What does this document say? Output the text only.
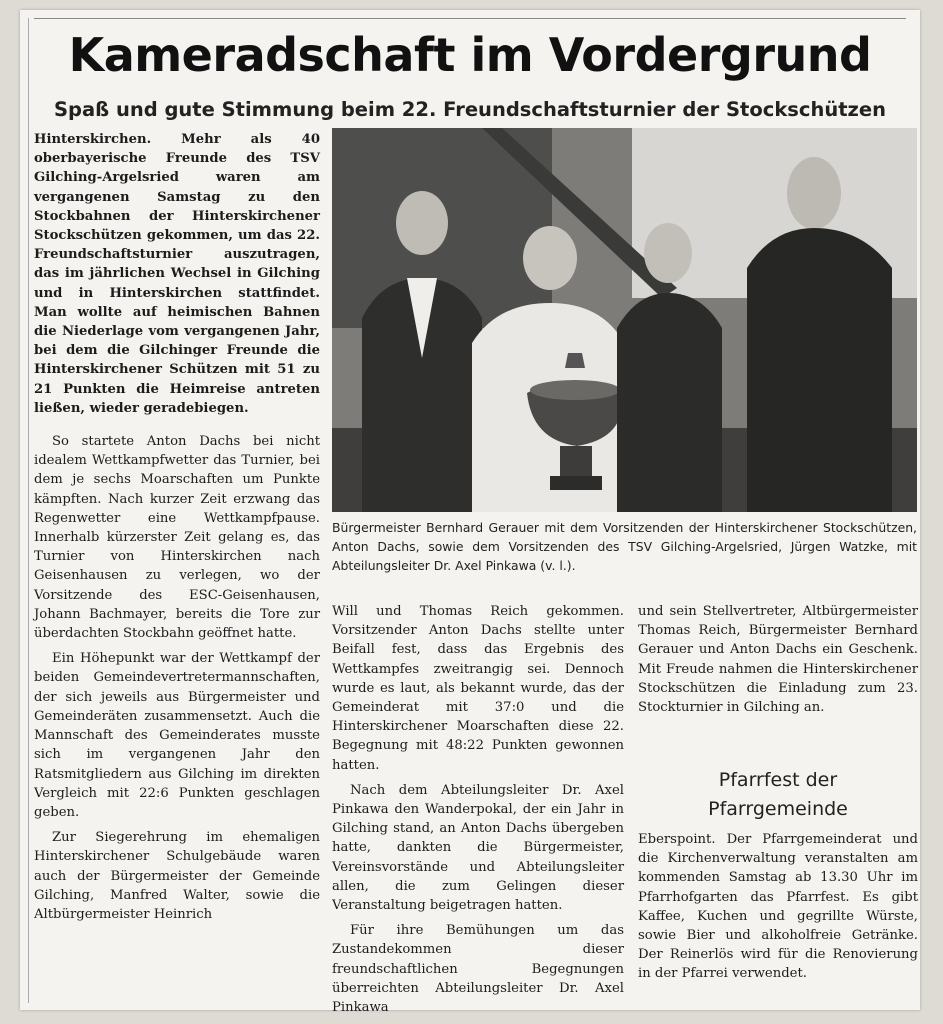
Kameradschaft im Vordergrund
Spaß und gute Stimmung beim 22. Freundschaftsturnier der Stockschützen

Hinterskirchen. Mehr als 40 oberbayerische Freunde des TSV Gilching-Argelsried waren am vergangenen Samstag zu den Stockbahnen der Hinterskirchener Stockschützen gekommen, um das 22. Freundschaftsturnier auszutragen, das im jährlichen Wechsel in Gilching und in Hinterskirchen stattfindet. Man wollte auf heimischen Bahnen die Niederlage vom vergangenen Jahr, bei dem die Gilchinger Freunde die Hinterskirchener Schützen mit 51 zu 21 Punkten die Heimreise antreten ließen, wieder geradebiegen.

So startete Anton Dachs bei nicht idealem Wettkampfwetter das Turnier, bei dem je sechs Moarschaften um Punkte kämpften. Nach kurzer Zeit erzwang das Regenwetter eine Wettkampfpause. Innerhalb kürzerster Zeit gelang es, das Turnier von Hinterskirchen nach Geisenhausen zu verlegen, wo der Vorsitzende des ESC-Geisenhausen, Johann Bachmayer, bereits die Tore zur überdachten Stockbahn geöffnet hatte.

Ein Höhepunkt war der Wettkampf der beiden Gemeindevertretermannschaften, der sich jeweils aus Bürgermeister und Gemeinderäten zusammensetzt. Auch die Mannschaft des Gemeinderates musste sich im vergangenen Jahr den Ratsmitgliedern aus Gilching im direkten Vergleich mit 22:6 Punkten geschlagen geben.

Zur Siegerehrung im ehemaligen Hinterskirchener Schulgebäude waren auch der Bürgermeister der Gemeinde Gilching, Manfred Walter, sowie die Altbürgermeister Heinrich

Bürgermeister Bernhard Gerauer mit dem Vorsitzenden der Hinterskirchener Stockschützen, Anton Dachs, sowie dem Vorsitzenden des TSV Gilching-Argelsried, Jürgen Watzke, mit Abteilungsleiter Dr. Axel Pinkawa (v. l.).

Will und Thomas Reich gekommen. Vorsitzender Anton Dachs stellte unter Beifall fest, dass das Ergebnis des Wettkampfes zweitrangig sei. Dennoch wurde es laut, als bekannt wurde, das der Gemeinderat mit 37:0 und die Hinterskirchener Moarschaften diese 22. Begegnung mit 48:22 Punkten gewonnen hatten.

Nach dem Abteilungsleiter Dr. Axel Pinkawa den Wanderpokal, der ein Jahr in Gilching stand, an Anton Dachs übergeben hatte, dankten die Bürgermeister, Vereinsvorstände und Abteilungsleiter allen, die zum Gelingen dieser Veranstaltung beigetragen hatten.

Für ihre Bemühungen um das Zustandekommen dieser freundschaftlichen Begegnungen überreichten Abteilungsleiter Dr. Axel Pinkawa

und sein Stellvertreter, Altbürgermeister Thomas Reich, Bürgermeister Bernhard Gerauer und Anton Dachs ein Geschenk. Mit Freude nahmen die Hinterskirchener Stockschützen die Einladung zum 23. Stockturnier in Gilching an.

Pfarrfest der
Pfarrgemeinde

Eberspoint. Der Pfarrgemeinderat und die Kirchenverwaltung veranstalten am kommenden Samstag ab 13.30 Uhr im Pfarrhofgarten das Pfarrfest. Es gibt Kaffee, Kuchen und gegrillte Würste, sowie Bier und alkoholfreie Getränke. Der Reinerlös wird für die Renovierung in der Pfarrei verwendet.
